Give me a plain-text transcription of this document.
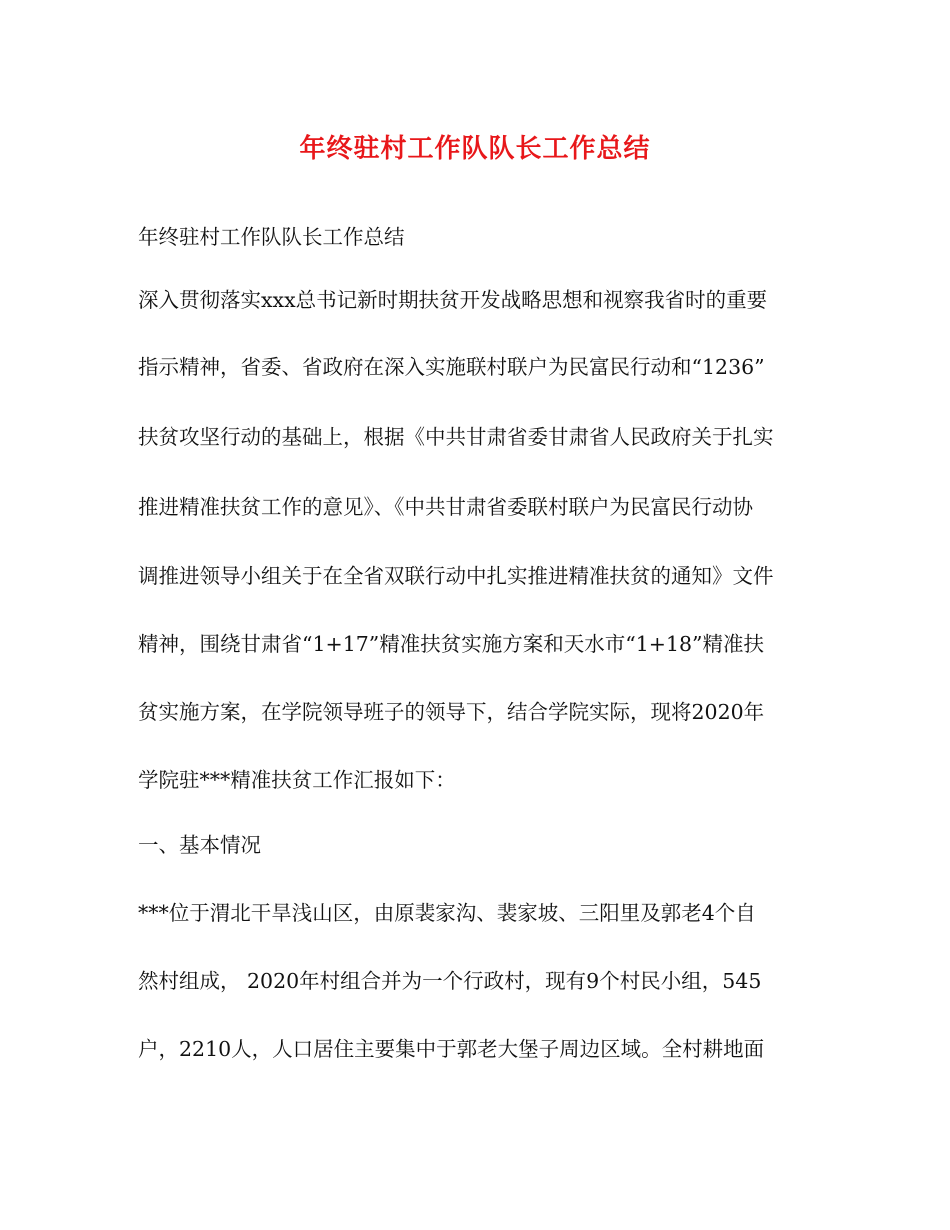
年终驻村工作队队长工作总结
年终驻村工作队队长工作总结
深入贯彻落实xxx总书记新时期扶贫开发战略思想和视察我省时的重要
指示精神，省委、省政府在深入实施联村联户为民富民行动和“1236”
扶贫攻坚行动的基础上，根据《中共甘肃省委甘肃省人民政府关于扎实
推进精准扶贫工作的意见》、《中共甘肃省委联村联户为民富民行动协
调推进领导小组关于在全省双联行动中扎实推进精准扶贫的通知》文件
精神，围绕甘肃省“1+17”精准扶贫实施方案和天水市“1+18”精准扶
贫实施方案，在学院领导班子的领导下，结合学院实际，现将2020年
学院驻***精准扶贫工作汇报如下：
一、基本情况
***位于渭北干旱浅山区，由原裴家沟、裴家坡、三阳里及郭老4个自
然村组成， 2020年村组合并为一个行政村，现有9个村民小组，545
户，2210人，人口居住主要集中于郭老大堡子周边区域。全村耕地面
